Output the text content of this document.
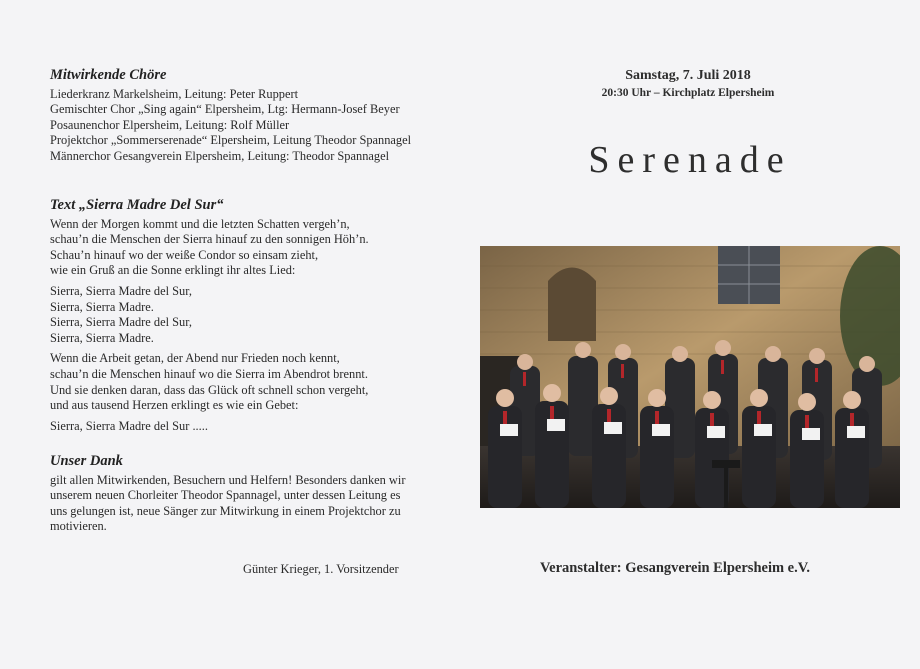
Mitwirkende Chöre
Liederkranz Markelsheim, Leitung: Peter Ruppert
Gemischter Chor „Sing again“ Elpersheim, Ltg: Hermann-Josef Beyer
Posaunenchor Elpersheim, Leitung: Rolf Müller
Projektchor „Sommerserenade“ Elpersheim, Leitung Theodor Spannagel
Männerchor Gesangverein Elpersheim, Leitung: Theodor Spannagel
Text „Sierra Madre Del Sur“
Wenn der Morgen kommt und die letzten Schatten vergeh’n,
schau’n die Menschen der Sierra hinauf zu den sonnigen Höh’n.
Schau’n hinauf wo der weiße Condor so einsam zieht,
wie ein Gruß an die Sonne erklingt ihr altes Lied:
Sierra, Sierra Madre del Sur,
Sierra, Sierra Madre.
Sierra, Sierra Madre del Sur,
Sierra, Sierra Madre.
Wenn die Arbeit getan, der Abend nur Frieden noch kennt,
schau’n die Menschen hinauf wo die Sierra im Abendrot brennt.
Und sie denken daran, dass das Glück oft schnell schon vergeht,
und aus tausend Herzen erklingt es wie ein Gebet:
Sierra, Sierra Madre del Sur .....
Unser Dank
gilt allen Mitwirkenden, Besuchern und Helfern! Besonders danken wir
unserem neuen Chorleiter Theodor Spannagel, unter dessen Leitung es
uns gelungen ist, neue Sänger zur Mitwirkung in einem Projektchor zu
motivieren.
Günter Krieger, 1. Vorsitzender
Samstag, 7. Juli 2018
20:30 Uhr – Kirchplatz Elpersheim
Serenade
Veranstalter: Gesangverein Elpersheim e.V.
